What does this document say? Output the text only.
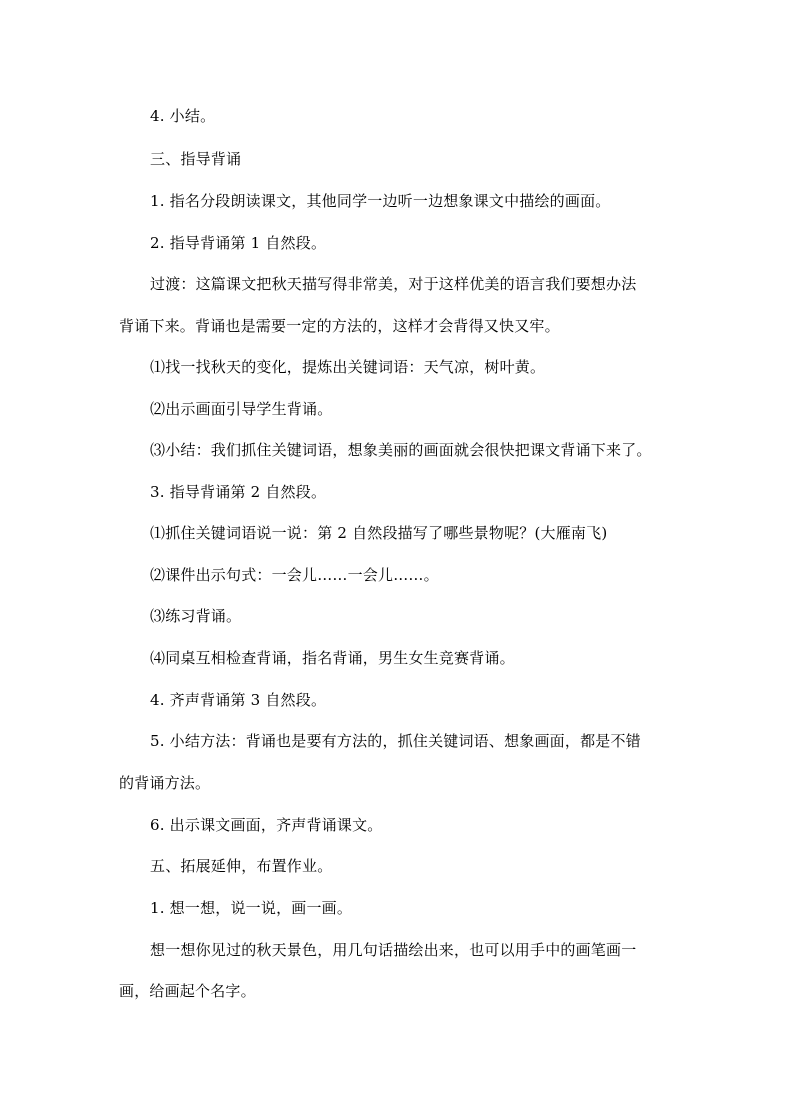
4. 小结。
三、指导背诵
1. 指名分段朗读课文，其他同学一边听一边想象课文中描绘的画面。
2. 指导背诵第 1 自然段。
过渡：这篇课文把秋天描写得非常美，对于这样优美的语言我们要想办法
背诵下来。背诵也是需要一定的方法的，这样才会背得又快又牢。
⑴找一找秋天的变化，提炼出关键词语：天气凉，树叶黄。
⑵出示画面引导学生背诵。
⑶小结：我们抓住关键词语，想象美丽的画面就会很快把课文背诵下来了。
3. 指导背诵第 2 自然段。
⑴抓住关键词语说一说：第 2 自然段描写了哪些景物呢？(大雁南飞)
⑵课件出示句式：一会儿……一会儿……。
⑶练习背诵。
⑷同桌互相检查背诵，指名背诵，男生女生竞赛背诵。
4. 齐声背诵第 3 自然段。
5. 小结方法：背诵也是要有方法的，抓住关键词语、想象画面，都是不错
的背诵方法。
6. 出示课文画面，齐声背诵课文。
五、拓展延伸，布置作业。
1. 想一想，说一说，画一画。
想一想你见过的秋天景色，用几句话描绘出来，也可以用手中的画笔画一
画，给画起个名字。
